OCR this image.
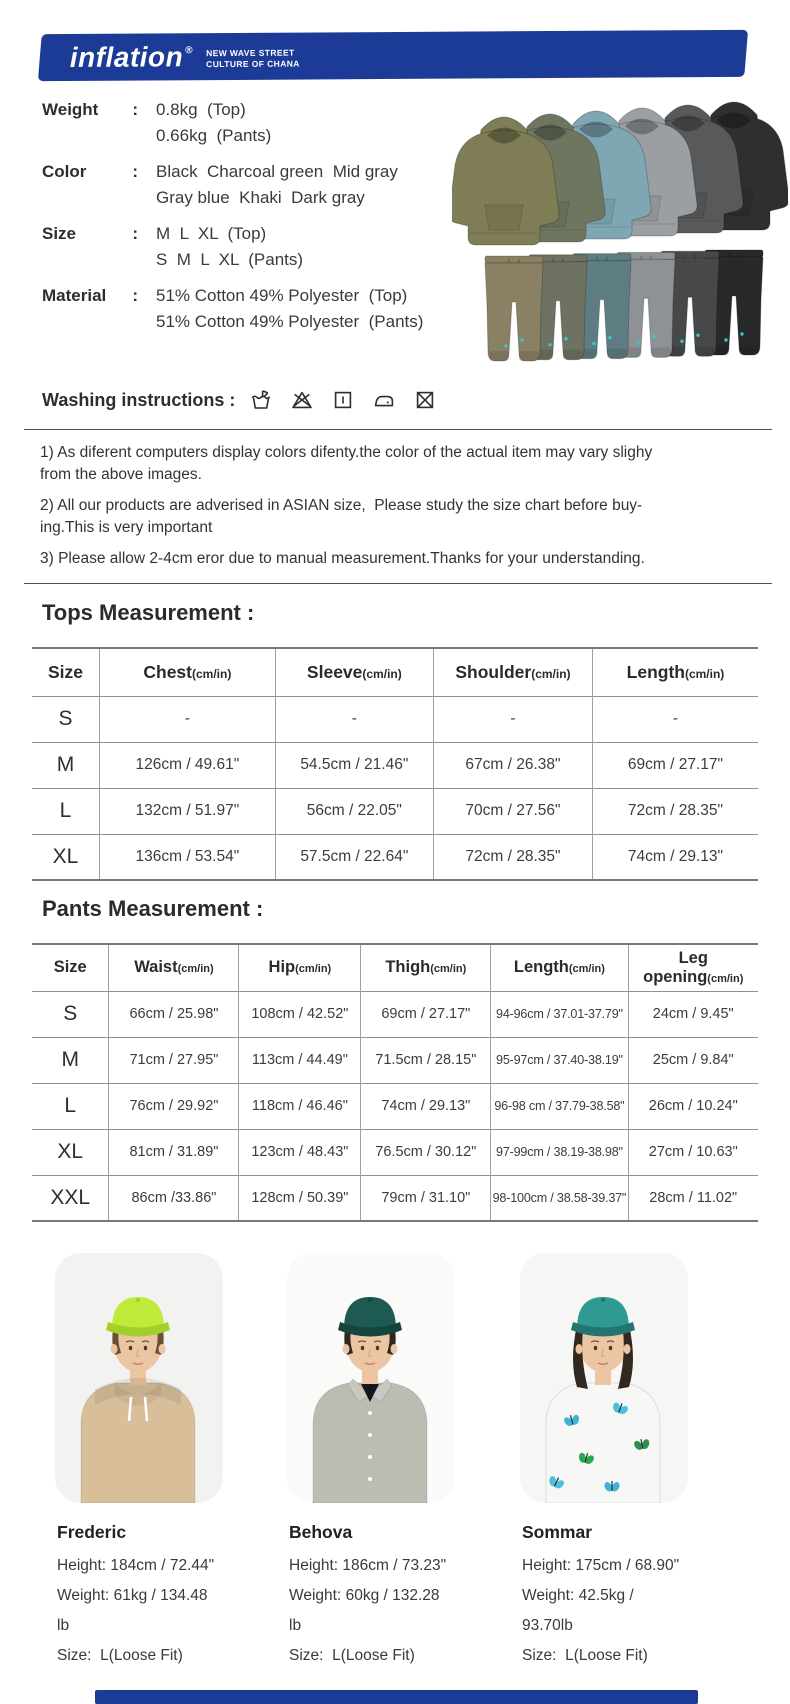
inflation ® NEW WAVE STREET
CULTURE OF CHANA
Weight : 0.8kg  (Top)
0.66kg  (Pants)
Color	: Black  Charcoal green  Mid gray
Gray blue  Khaki  Dark gray
Size	: M  L  XL  (Top)
S  M  L  XL  (Pants)
Material : 51% Cotton 49% Polyester  (Top)
51% Cotton 49% Polyester  (Pants)
Washing instructions :
1) As diferent computers display colors difenty.the color of the actual item may vary slighy
from the above images.
2) All our products are adverised in ASIAN size,  Please study the size chart before buy-
ing.This is very important
3) Please allow 2-4cm eror due to manual measurement.Thanks for your understanding.
Tops Measurement :
Size	Chest(cm/in)	Sleeve(cm/in)	Shoulder(cm/in)	Length(cm/in)
S	-	-	-	-
M	126cm / 49.61"	54.5cm / 21.46"	67cm / 26.38"	69cm / 27.17"
L	132cm / 51.97"	56cm / 22.05"	70cm / 27.56"	72cm / 28.35"
XL	136cm / 53.54"	57.5cm / 22.64"	72cm / 28.35"	74cm / 29.13"
Pants Measurement :
Size	Waist(cm/in)	Hip(cm/in)	Thigh(cm/in)	Length(cm/in)	Leg opening(cm/in)
S	66cm / 25.98"	108cm / 42.52"	69cm / 27.17"	94-96cm / 37.01-37.79"	24cm / 9.45"
M	71cm / 27.95"	113cm / 44.49"	71.5cm / 28.15"	95-97cm / 37.40-38.19"	25cm / 9.84"
L	76cm / 29.92"	118cm / 46.46"	74cm / 29.13"	96-98 cm / 37.79-38.58"	26cm / 10.24"
XL	81cm / 31.89"	123cm / 48.43"	76.5cm / 30.12"	97-99cm / 38.19-38.98"	27cm / 10.63"
XXL	86cm /33.86"	128cm / 50.39"	79cm / 31.10"	98-100cm / 38.58-39.37"	28cm / 11.02"
Frederic
Height: 184cm / 72.44"
Weight: 61kg / 134.48 lb
Size:  L(Loose Fit)
Behova
Height: 186cm / 73.23"
Weight: 60kg / 132.28 lb
Size:  L(Loose Fit)
Sommar
Height: 175cm / 68.90"
Weight: 42.5kg / 93.70lb
Size:  L(Loose Fit)
